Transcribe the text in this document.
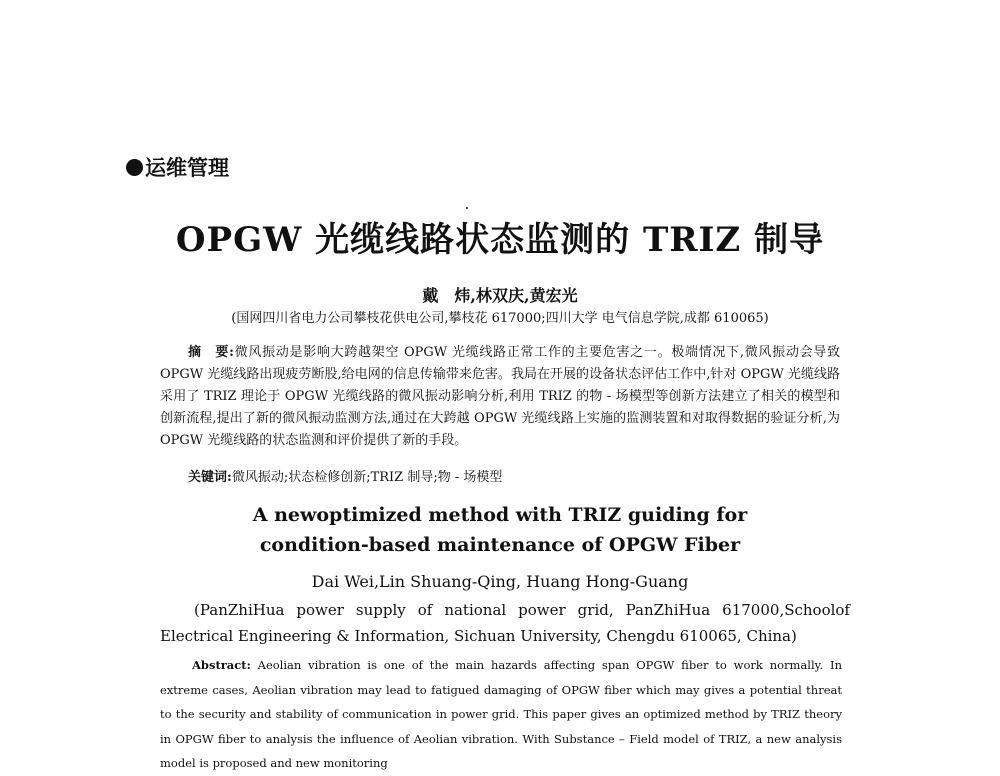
运维管理
OPGW 光缆线路状态监测的 TRIZ 制导
戴　炜,林双庆,黄宏光
(国网四川省电力公司攀枝花供电公司,攀枝花 617000;四川大学 电气信息学院,成都 610065)
摘　要:微风振动是影响大跨越架空 OPGW 光缆线路正常工作的主要危害之一。极端情况下,微风振动会导致 OPGW 光缆线路出现疲劳断股,给电网的信息传输带来危害。我局在开展的设备状态评估工作中,针对 OPGW 光缆线路采用了 TRIZ 理论于 OPGW 光缆线路的微风振动影响分析,利用 TRIZ 的物 - 场模型等创新方法建立了相关的模型和创新流程,提出了新的微风振动监测方法,通过在大跨越 OPGW 光缆线路上实施的监测装置和对取得数据的验证分析,为 OPGW 光缆线路的状态监测和评价提供了新的手段。
关键词:微风振动;状态检修创新;TRIZ 制导;物 - 场模型
A newoptimized method with TRIZ guiding for
condition-based maintenance of OPGW Fiber
Dai Wei,Lin Shuang-Qing, Huang Hong-Guang
(PanZhiHua power supply of national power grid, PanZhiHua 617000,Schoolof Electrical Engineering & Information, Sichuan University, Chengdu 610065, China)
Abstract: Aeolian vibration is one of the main hazards affecting span OPGW fiber to work normally. In extreme cases, Aeolian vibration may lead to fatigued damaging of OPGW fiber which may gives a potential threat to the security and stability of communication in power grid. This paper gives an optimized method by TRIZ theory in OPGW fiber to analysis the influence of Aeolian vibration. With Substance – Field model of TRIZ, a new analysis model is proposed and new monitoring
